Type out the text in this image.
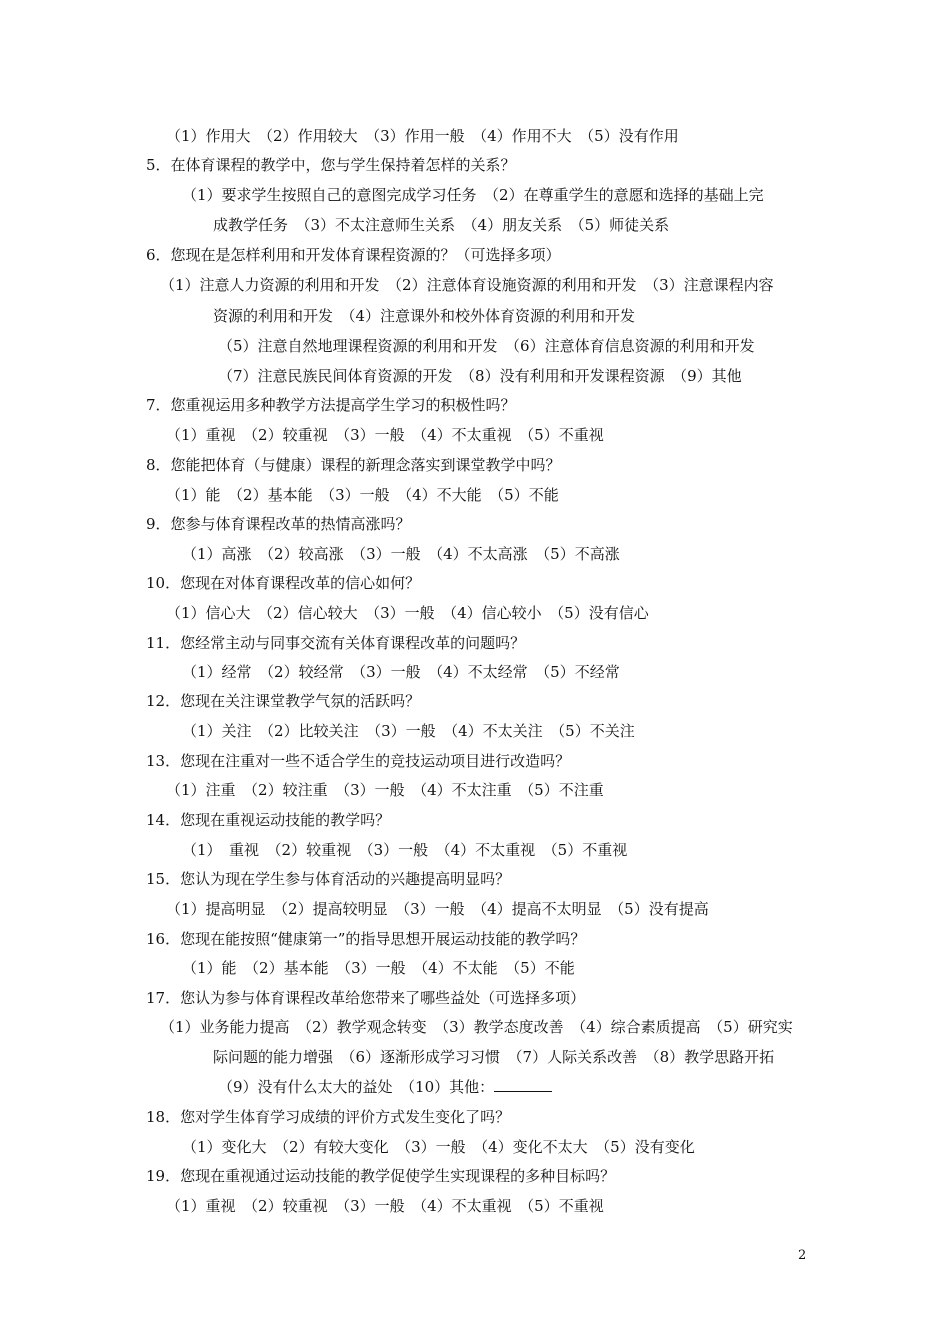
（1）作用大　（2）作用较大　（3）作用一般　（4）作用不大　（5）没有作用
5．在体育课程的教学中，您与学生保持着怎样的关系？
（1）要求学生按照自己的意图完成学习任务　（2）在尊重学生的意愿和选择的基础上完
成教学任务　（3）不太注意师生关系　（4）朋友关系　（5）师徒关系
6．您现在是怎样利用和开发体育课程资源的？（可选择多项）
（1）注意人力资源的利用和开发　（2）注意体育设施资源的利用和开发　（3）注意课程内容
资源的利用和开发　（4）注意课外和校外体育资源的利用和开发
（5）注意自然地理课程资源的利用和开发　（6）注意体育信息资源的利用和开发
（7）注意民族民间体育资源的开发　（8）没有利用和开发课程资源　（9）其他
7．您重视运用多种教学方法提高学生学习的积极性吗？
（1）重视　（2）较重视　（3）一般　（4）不太重视　（5）不重视
8．您能把体育（与健康）课程的新理念落实到课堂教学中吗？
（1）能　（2）基本能　（3）一般　（4）不大能　（5）不能
9．您参与体育课程改革的热情高涨吗？
（1）高涨　（2）较高涨　（3）一般　（4）不太高涨　（5）不高涨
10．您现在对体育课程改革的信心如何？
（1）信心大　（2）信心较大　（3）一般　（4）信心较小　（5）没有信心
11．您经常主动与同事交流有关体育课程改革的问题吗？
（1）经常　（2）较经常　（3）一般　（4）不太经常　（5）不经常
12．您现在关注课堂教学气氛的活跃吗？
（1）关注　（2）比较关注　（3）一般　（4）不太关注　（5）不关注
13．您现在注重对一些不适合学生的竞技运动项目进行改造吗？
（1）注重　（2）较注重　（3）一般　（4）不太注重　（5）不注重
14．您现在重视运动技能的教学吗？
（1）　重视　（2）较重视　（3）一般　（4）不太重视　（5）不重视
15．您认为现在学生参与体育活动的兴趣提高明显吗？
（1）提高明显　（2）提高较明显　（3）一般　（4）提高不太明显　（5）没有提高
16．您现在能按照“健康第一”的指导思想开展运动技能的教学吗？
（1）能　（2）基本能　（3）一般　（4）不太能　（5）不能
17．您认为参与体育课程改革给您带来了哪些益处（可选择多项）
（1）业务能力提高　（2）教学观念转变　（3）教学态度改善　（4）综合素质提高　（5）研究实
际问题的能力增强　（6）逐渐形成学习习惯　（7）人际关系改善　（8）教学思路开拓
（9）没有什么太大的益处　（10）其他：
18．您对学生体育学习成绩的评价方式发生变化了吗？
（1）变化大　（2）有较大变化　（3）一般　（4）变化不太大　（5）没有变化
19．您现在重视通过运动技能的教学促使学生实现课程的多种目标吗？
（1）重视　（2）较重视　（3）一般　（4）不太重视　（5）不重视
2
